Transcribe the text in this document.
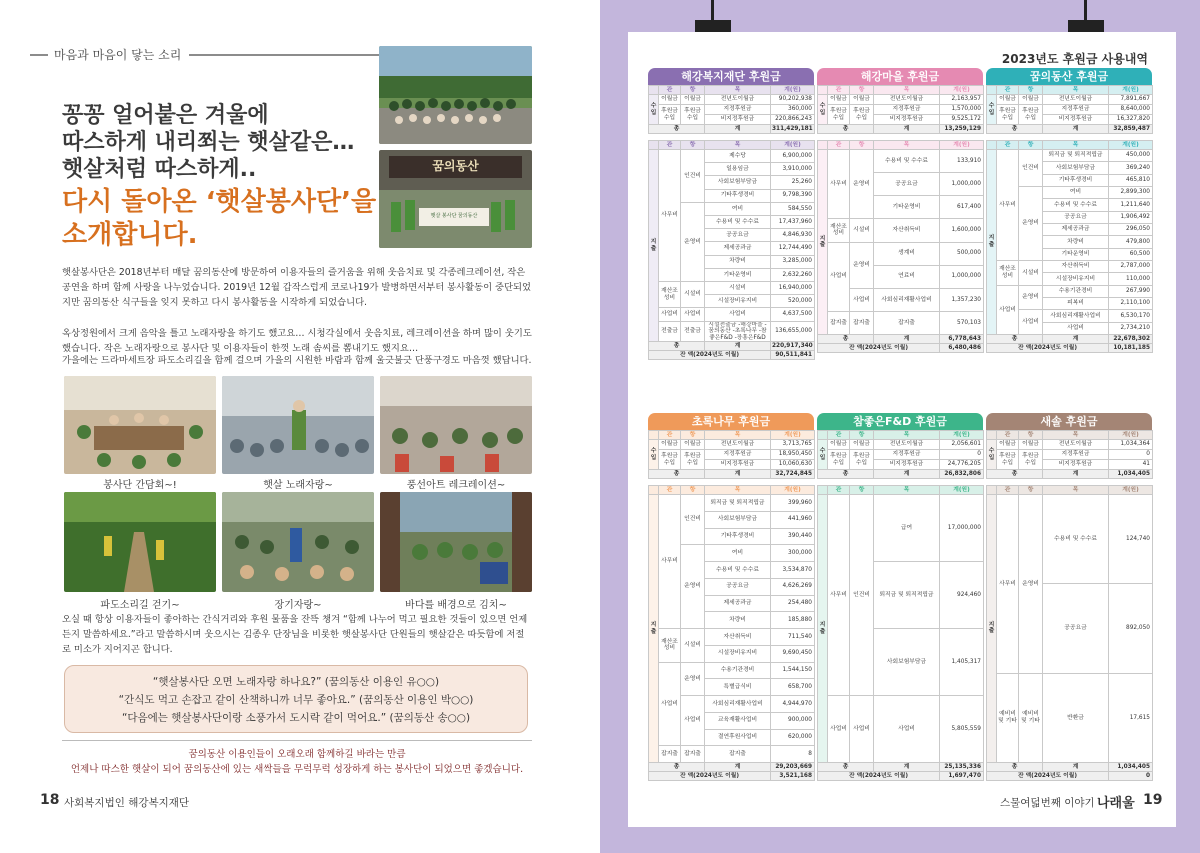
마음과 마음이 닿는 소리
꿈의동산
햇살 봉사단 꿈의동산
꽁꽁 얼어붙은 겨울에
따스하게 내리쬐는 햇살같은…
햇살처럼 따스하게..
다시 돌아온 ‘햇살봉사단’을
소개합니다.
햇살봉사단은 2018년부터 매달 꿈의동산에 방문하여 이용자들의 즐거움을 위해 웃음치료 및 각종레크레이션, 작은 공연을 하며 함께 사랑을 나누었습니다. 2019년 12월 갑작스럽게 코로나19가 발병하면서부터 봉사활동이 중단되었지만 꿈의동산 식구들을 잊지 못하고 다시 봉사활동을 시작하게 되었습니다.
옥상정원에서 크게 음악을 틀고 노래자랑을 하기도 했고요… 시청각실에서 웃음치료, 레크레이션을 하며 많이 웃기도 했습니다. 작은 노래자랑으로 봉사단 및 이용자들이 한껏 노래 솜씨를 뽐내기도 했지요…
가을에는 드라마세트장 파도소리길을 함께 걸으며 가을의 시원한 바람과 함께 울긋불긋 단풍구경도 마음껏 했답니다.
봉사단 간담회~!	햇살 노래자랑~	풍선아트 레크레이션~
파도소리길 걷기~	장기자랑~	바다를 배경으로 김치~
오실 때 항상 이용자들이 좋아하는 간식거리와 후원 물품을 잔뜩 챙겨 “함께 나누어 먹고 필요한 것들이 있으면 언제든지 말씀하세요.”라고 말씀하시며 웃으시는 김종우 단장님을 비롯한 햇살봉사단 단원들의 햇살같은 따듯함에 저절로 미소가 지어지곤 합니다.
“햇살봉사단 오면 노래자랑 하나요?” (꿈의동산 이용인 유○○)
“간식도 먹고 손잡고 같이 산책하니까 너무 좋아요.” (꿈의동산 이용인 박○○)
“다음에는 햇살봉사단이랑 소풍가서 도시락 같이 먹어요.” (꿈의동산 송○○)
꿈의동산 이용인들이 오래오래 함께하길 바라는 만큼
언제나 따스한 햇살이 되어 꿈의동산에 있는 새싹들을 무럭무럭 성장하게 하는 봉사단이 되었으면 좋겠습니다.
18 사회복지법인 해강복지재단
2023년도 후원금 사용내역
해강복지재단 후원금
	관	항	목	계(원)
수입	이월금	이월금	전년도이월금	90,202,938
	후원금수입	후원금수입	지정후원금	360,000
			비지정후원금	220,866,243
총			계	311,429,181
	관	항	목	계(원)
지출	사무비	인건비	제수당	6,900,000
			일용임금	3,910,000
			사회보험부담금	25,260
			기타후생경비	9,798,390
		운영비	여비	584,550
			수용비 및 수수료	17,437,960
			공공요금	4,846,930
			제세공과금	12,744,490
			차량비	3,285,000
			기타운영비	2,632,260
	재산조성비	시설비	시설비	16,940,000
			시설장비유지비	520,000
	사업비	사업비	사업비	4,637,500
	전출금	전출금	시설전출금 -해강마을 -꿈의동산 -초록나무 -참좋은F&D -장흥은F&D	136,655,000
총			계	220,917,340
잔 액(2024년도 이월)				90,511,841
해강마을 후원금
	관	항	목	계(원)
수입	이월금	이월금	전년도이월금	2,163,957
	후원금수입	후원금수입	지정후원금	1,570,000
			비지정후원금	9,525,172
총			계	13,259,129
	관	항	목	계(원)
지출	사무비	운영비	수용비 및 수수료	133,910
			공공요금	1,000,000
			기타운영비	617,400
	재산조성비	시설비	자산취득비	1,600,000
	사업비	운영비	생계비	500,000
			연료비	1,000,000
		사업비	사회심리재활사업비	1,357,230
	잡지출	잡지출	잡지출	570,103
총			계	6,778,643
잔 액(2024년도 이월)				6,480,486
꿈의동산 후원금
	관	항	목	계(원)
수입	이월금	이월금	전년도이월금	7,891,667
	후원금수입	후원금수입	지정후원금	8,640,000
			비지정후원금	16,327,820
총			계	32,859,487
	관	항	목	계(원)
지출	사무비	인건비	퇴직금 및 퇴직적립금	450,000
			사회보험부담금	369,240
			기타후생경비	465,810
		운영비	여비	2,899,300
			수용비 및 수수료	1,211,640
			공공요금	1,906,492
			제세공과금	296,050
			차량비	479,800
			기타운영비	60,500
	재산조성비	시설비	자산취득비	2,787,000
			시설장비유지비	110,000
	사업비	운영비	수용기관경비	267,990
			피복비	2,110,100
		사업비	사회심리재활사업비	6,530,170
			사업비	2,734,210
총			계	22,678,302
잔 액(2024년도 이월)				10,181,185
초록나무 후원금
	관	항	목	계(원)
수입	이월금	이월금	전년도이월금	3,713,765
	후원금수입	후원금수입	지정후원금	18,950,450
			비지정후원금	10,060,630
총			계	32,724,845
	관	항	목	계(원)
지출	사무비	인건비	퇴직금 및 퇴직적립금	399,960
			사회보험부담금	441,960
			기타후생경비	390,440
		운영비	여비	300,000
			수용비 및 수수료	3,534,870
			공공요금	4,626,269
			제세공과금	254,480
			차량비	185,880
	재산조성비	시설비	자산취득비	711,540
			시설장비유지비	9,690,450
	사업비	운영비	수용기관경비	1,544,150
			특별급식비	658,700
		사업비	사회심리재활사업비	4,944,970
			교육재활사업비	900,000
			결연후원사업비	620,000
	잡지출	잡지출	잡지출	8
총			계	29,203,669
잔 액(2024년도 이월)				3,521,168
참좋은F&D 후원금
	관	항	목	계(원)
수입	이월금	이월금	전년도이월금	2,056,601
	후원금수입	후원금수입	지정후원금	0
			비지정후원금	24,776,205
총			계	26,832,806
	관	항	목	계(원)
지출	사무비	인건비	급여	17,000,000
			퇴직금 및 퇴직적립금	924,460
			사회보험부담금	1,405,317
	사업비	사업비	사업비	5,805,559
총			계	25,135,336
잔 액(2024년도 이월)				1,697,470
새솔 후원금
	관	항	목	계(원)
수입	이월금	이월금	전년도이월금	1,034,364
	후원금수입	후원금수입	지정후원금	0
			비지정후원금	41
총			계	1,034,405
	관	항	목	계(원)
지출	사무비	운영비	수용비 및 수수료	124,740
			공공요금	892,050
	예비비 및 기타	예비비 및 기타	반환금	17,615
총			계	1,034,405
잔 액(2024년도 이월)				0
스물여덟번째 이야기 나래울 19
